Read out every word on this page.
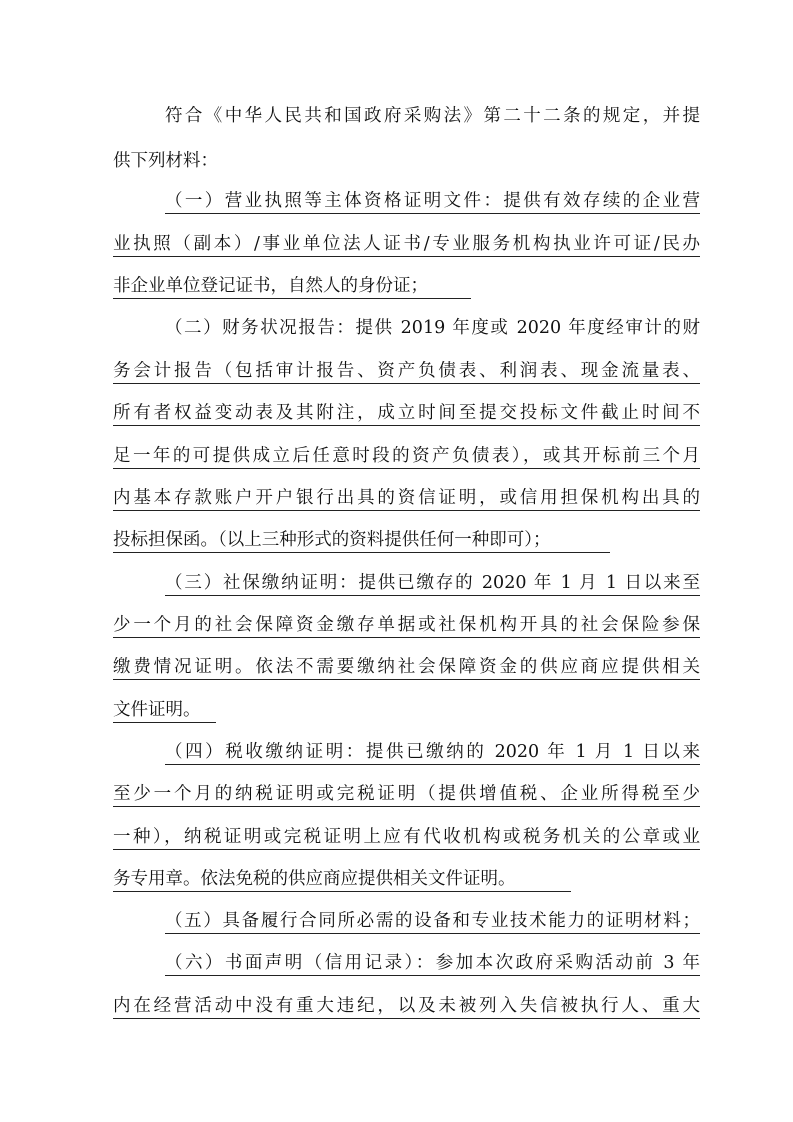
符合《中华人民共和国政府采购法》第二十二条的规定，并提
供下列材料：
（一）营业执照等主体资格证明文件：提供有效存续的企业营
业执照（副本）/事业单位法人证书/专业服务机构执业许可证/民办
非企业单位登记证书，自然人的身份证；
（二）财务状况报告：提供 2019 年度或 2020 年度经审计的财
务会计报告（包括审计报告、资产负债表、利润表、现金流量表、
所有者权益变动表及其附注，成立时间至提交投标文件截止时间不
足一年的可提供成立后任意时段的资产负债表），或其开标前三个月
内基本存款账户开户银行出具的资信证明，或信用担保机构出具的
投标担保函。（以上三种形式的资料提供任何一种即可）；
（三）社保缴纳证明：提供已缴存的 2020 年 1 月 1 日以来至
少一个月的社会保障资金缴存单据或社保机构开具的社会保险参保
缴费情况证明。依法不需要缴纳社会保障资金的供应商应提供相关
文件证明。
（四）税收缴纳证明：提供已缴纳的 2020 年 1 月 1 日以来
至少一个月的纳税证明或完税证明（提供增值税、企业所得税至少
一种），纳税证明或完税证明上应有代收机构或税务机关的公章或业
务专用章。依法免税的供应商应提供相关文件证明。
（五）具备履行合同所必需的设备和专业技术能力的证明材料；
（六）书面声明（信用记录）：参加本次政府采购活动前 3 年
内在经营活动中没有重大违纪，以及未被列入失信被执行人、重大
